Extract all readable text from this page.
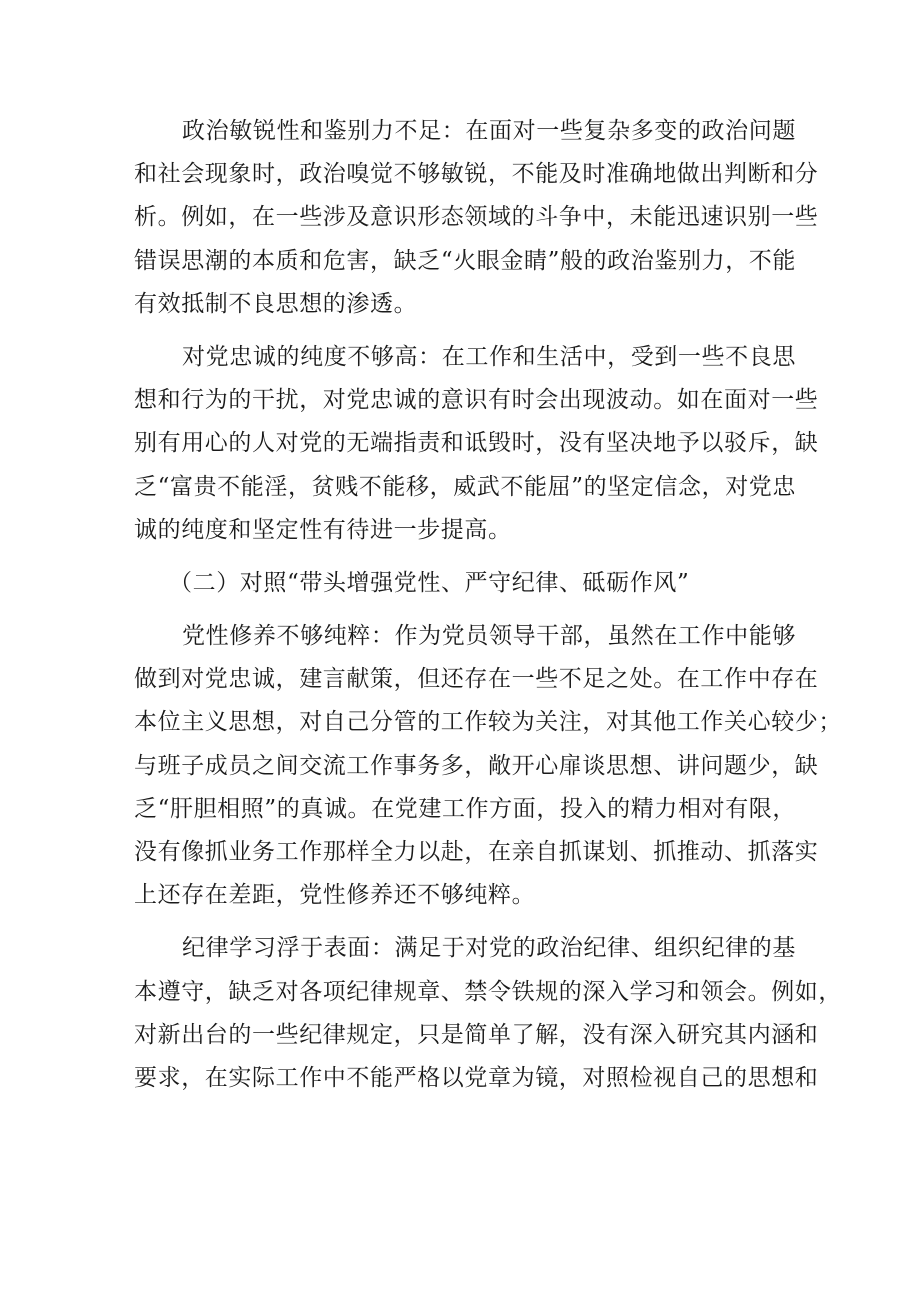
政治敏锐性和鉴别力不足：在面对一些复杂多变的政治问题
和社会现象时，政治嗅觉不够敏锐，不能及时准确地做出判断和分
析。例如，在一些涉及意识形态领域的斗争中，未能迅速识别一些
错误思潮的本质和危害，缺乏“火眼金睛”般的政治鉴别力，不能
有效抵制不良思想的渗透。
对党忠诚的纯度不够高：在工作和生活中，受到一些不良思
想和行为的干扰，对党忠诚的意识有时会出现波动。如在面对一些
别有用心的人对党的无端指责和诋毁时，没有坚决地予以驳斥，缺
乏“富贵不能淫，贫贱不能移，威武不能屈”的坚定信念，对党忠
诚的纯度和坚定性有待进一步提高。
（二）对照“带头增强党性、严守纪律、砥砺作风”
党性修养不够纯粹：作为党员领导干部，虽然在工作中能够
做到对党忠诚，建言献策，但还存在一些不足之处。在工作中存在
本位主义思想，对自己分管的工作较为关注，对其他工作关心较少；
与班子成员之间交流工作事务多，敞开心扉谈思想、讲问题少，缺
乏“肝胆相照”的真诚。在党建工作方面，投入的精力相对有限，
没有像抓业务工作那样全力以赴，在亲自抓谋划、抓推动、抓落实
上还存在差距，党性修养还不够纯粹。
纪律学习浮于表面：满足于对党的政治纪律、组织纪律的基
本遵守，缺乏对各项纪律规章、禁令铁规的深入学习和领会。例如，
对新出台的一些纪律规定，只是简单了解，没有深入研究其内涵和
要求，在实际工作中不能严格以党章为镜，对照检视自己的思想和
